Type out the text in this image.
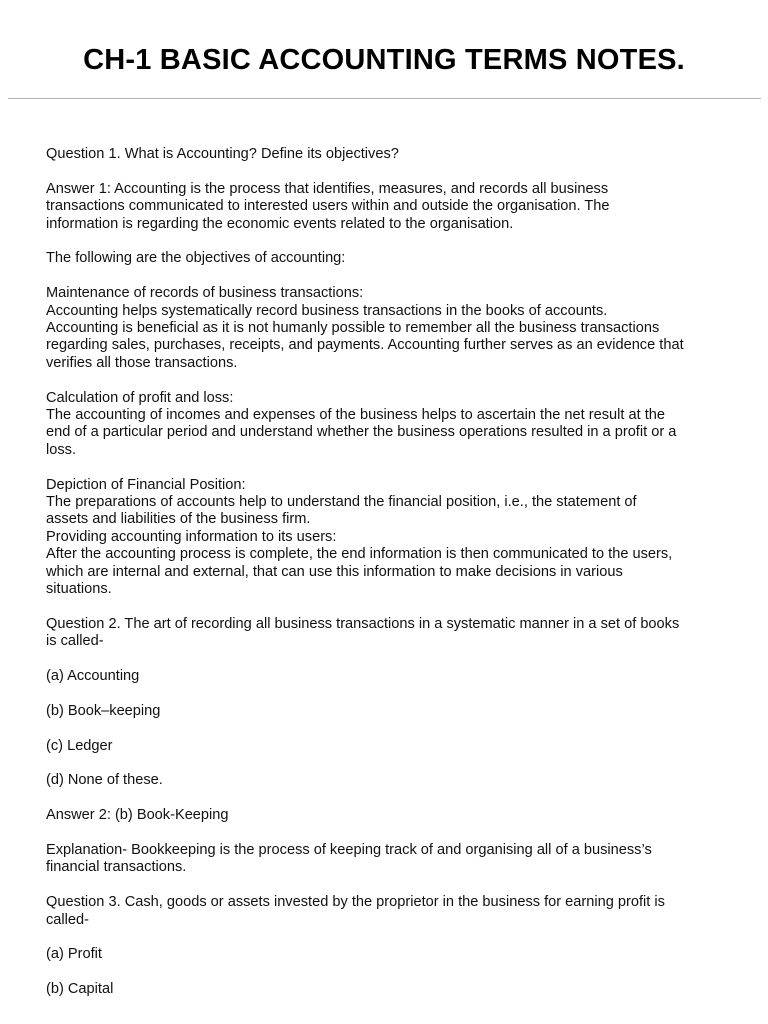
CH-1 BASIC ACCOUNTING TERMS NOTES.
Question 1. What is Accounting? Define its objectives?
Answer 1: Accounting is the process that identifies, measures, and records all business
transactions communicated to interested users within and outside the organisation. The
information is regarding the economic events related to the organisation.
The following are the objectives of accounting:
Maintenance of records of business transactions:
Accounting helps systematically record business transactions in the books of accounts.
Accounting is beneficial as it is not humanly possible to remember all the business transactions
regarding sales, purchases, receipts, and payments. Accounting further serves as an evidence that
verifies all those transactions.
Calculation of profit and loss:
The accounting of incomes and expenses of the business helps to ascertain the net result at the
end of a particular period and understand whether the business operations resulted in a profit or a
loss.
Depiction of Financial Position:
The preparations of accounts help to understand the financial position, i.e., the statement of
assets and liabilities of the business firm.
Providing accounting information to its users:
After the accounting process is complete, the end information is then communicated to the users,
which are internal and external, that can use this information to make decisions in various
situations.
Question 2. The art of recording all business transactions in a systematic manner in a set of books
is called-
(a) Accounting
(b) Book–keeping
(c) Ledger
(d) None of these.
Answer 2: (b) Book-Keeping
Explanation- Bookkeeping is the process of keeping track of and organising all of a business’s
financial transactions.
Question 3. Cash, goods or assets invested by the proprietor in the business for earning profit is
called-
(a) Profit
(b) Capital
